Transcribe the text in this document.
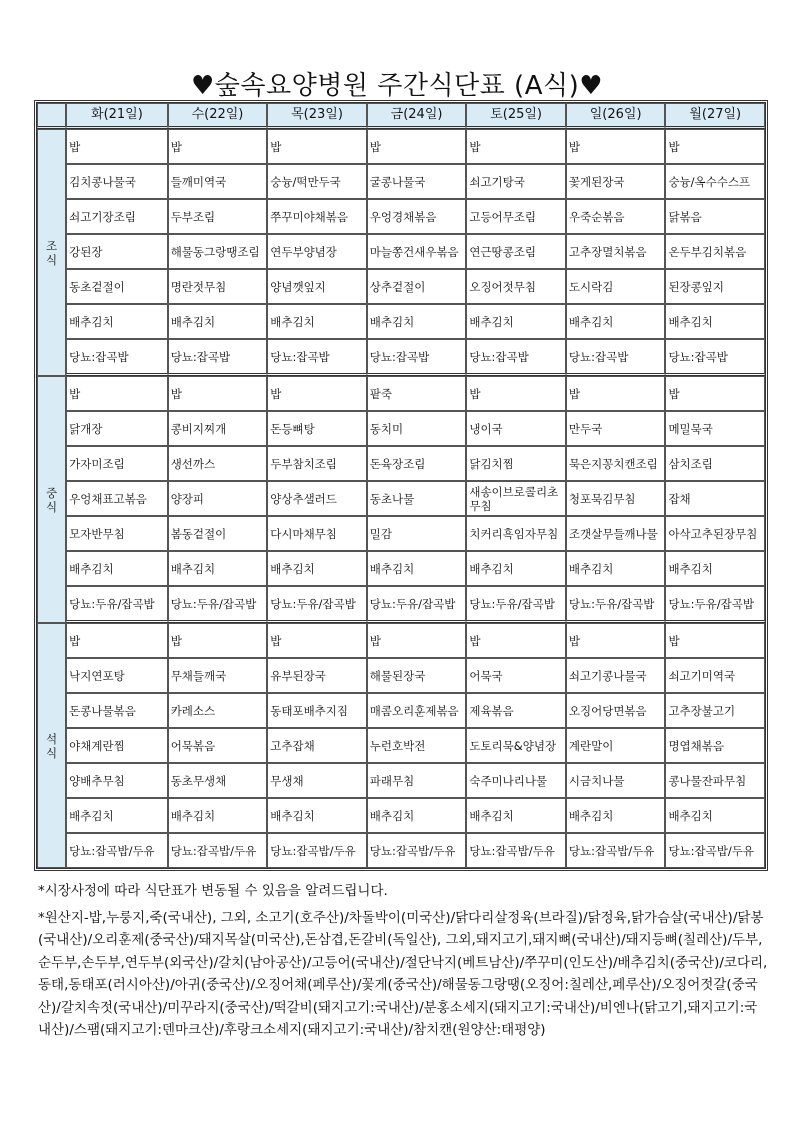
♥숲속요양병원 주간식단표 (A식)♥
	화(21일)	수(22일)	목(23일)	금(24일)	토(25일)	일(26일)	월(27일)

조
식	밥	밥	밥	밥	밥	밥	밥
	김치콩나물국	들깨미역국	숭늉/떡만두국	굴콩나물국	쇠고기탕국	꽃게된장국	숭늉/옥수수스프
	쇠고기장조림	두부조림	쭈꾸미야채볶음	우엉경채볶음	고등어무조림	우죽순볶음	닭볶음
	강된장	해물동그랑땡조림	연두부양념장	마늘쫑건새우볶음	연근땅콩조림	고추장멸치볶음	온두부김치볶음
	동초겉절이	명란젓무침	양념깻잎지	상추겉절이	오징어젓무침	도시락김	된장콩잎지
	배추김치	배추김치	배추김치	배추김치	배추김치	배추김치	배추김치
	당뇨:잡곡밥	당뇨:잡곡밥	당뇨:잡곡밥	당뇨:잡곡밥	당뇨:잡곡밥	당뇨:잡곡밥	당뇨:잡곡밥

중
식	밥	밥	밥	팥죽	밥	밥	밥
	닭개장	콩비지찌개	돈등뼈탕	동치미	냉이국	만두국	메밀묵국
	가자미조림	생선까스	두부참치조림	돈육장조림	닭김치찜	묵은지꽁치캔조림	삼치조림
	우엉채표고볶음	양장피	양상추샐러드	동초나물	새송이브로콜리초무침	청포묵김무침	잡채
	모자반무침	봄동겉절이	다시마채무침	밀감	치커리흑임자무침	조갯살무들깨나물	아삭고추된장무침
	배추김치	배추김치	배추김치	배추김치	배추김치	배추김치	배추김치
	당뇨:두유/잡곡밥	당뇨:두유/잡곡밥	당뇨:두유/잡곡밥	당뇨:두유/잡곡밥	당뇨:두유/잡곡밥	당뇨:두유/잡곡밥	당뇨:두유/잡곡밥

석
식	밥	밥	밥	밥	밥	밥	밥
	낙지연포탕	무채들깨국	유부된장국	해물된장국	어묵국	쇠고기콩나물국	쇠고기미역국
	돈콩나물볶음	카레소스	동태포배추지짐	매콤오리훈제볶음	제육볶음	오징어당면볶음	고추장불고기
	야채계란찜	어묵볶음	고추잡채	누런호박전	도토리묵&양념장	계란말이	명엽채볶음
	양배추무침	동초무생채	무생채	파래무침	숙주미나리나물	시금치나물	콩나물잔파무침
	배추김치	배추김치	배추김치	배추김치	배추김치	배추김치	배추김치
	당뇨:잡곡밥/두유	당뇨:잡곡밥/두유	당뇨:잡곡밥/두유	당뇨:잡곡밥/두유	당뇨:잡곡밥/두유	당뇨:잡곡밥/두유	당뇨:잡곡밥/두유

*시장사정에 따라 식단표가 변동될 수 있음을 알려드립니다.

*원산지-밥,누룽지,죽(국내산), 그외, 소고기(호주산)/차돌박이(미국산)/닭다리살정육(브라질)/닭정육,닭가슴살(국내산)/닭봉(국내산)/오리훈제(중국산)/돼지목살(미국산),돈삼겹,돈갈비(독일산), 그외,돼지고기,돼지뼈(국내산)/돼지등뼈(칠레산)/두부,순두부,손두부,연두부(외국산)/갈치(남아공산)/고등어(국내산)/절단낙지(베트남산)/쭈꾸미(인도산)/배추김치(중국산)/코다리,동태,동태포(러시아산)/아귀(중국산)/오징어채(페루산)/꽃게(중국산)/해물동그랑땡(오징어:칠레산,페루산)/오징어젓갈(중국산)/갈치속젓(국내산)/미꾸라지(중국산)/떡갈비(돼지고기:국내산)/분홍소세지(돼지고기:국내산)/비엔나(닭고기,돼지고기:국내산)/스팸(돼지고기:덴마크산)/후랑크소세지(돼지고기:국내산)/참치캔(원양산:태평양)
